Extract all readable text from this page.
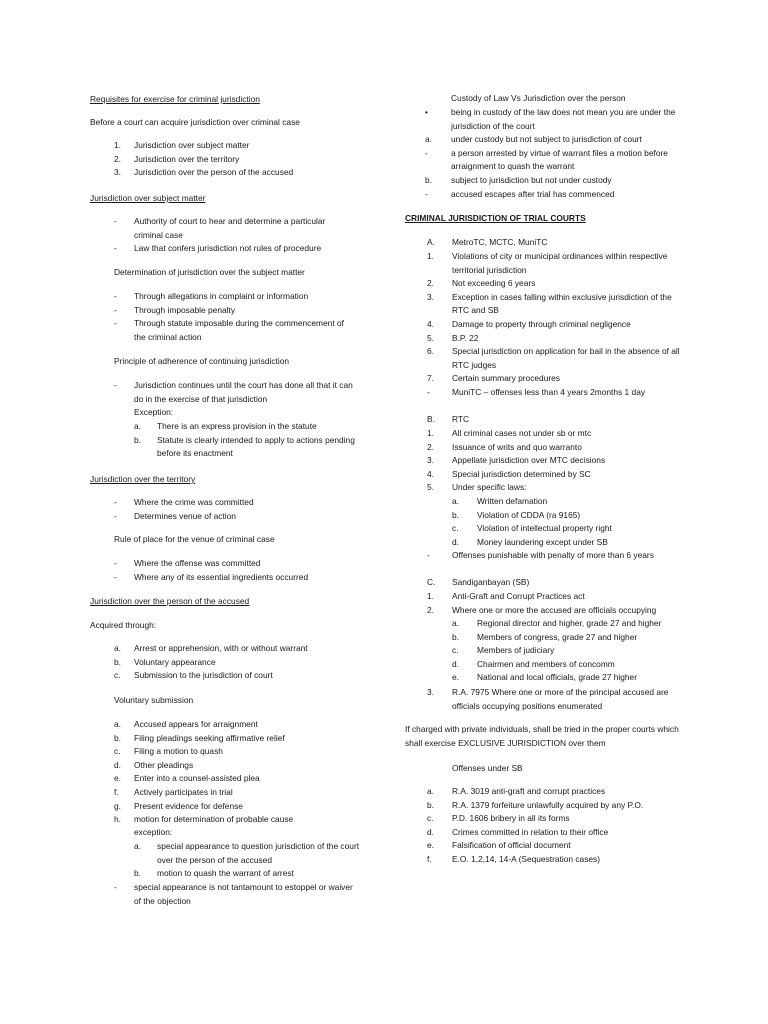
Requisites for exercise for criminal jurisdiction
Before a court can acquire jurisdiction over criminal case
1. Jurisdiction over subject matter
2. Jurisdiction over the territory
3. Jurisdiction over the person of the accused
Jurisdiction over subject matter
- Authority of court to hear and determine a particular criminal case
- Law that confers jurisdiction not rules of procedure
Determination of jurisdiction over the subject matter
- Through allegations in complaint or information
- Through imposable penalty
- Through statute imposable during the commencement of the criminal action
Principle of adherence of continuing jurisdiction
- Jurisdiction continues until the court has done all that it can do in the exercise of that jurisdiction
Exception:
a. There is an express provision in the statute
b. Statute is clearly intended to apply to actions pending before its enactment
Jurisdiction over the territory
- Where the crime was committed
- Determines venue of action
Rule of place for the venue of criminal case
- Where the offense was committed
- Where any of its essential ingredients occurred
Jurisdiction over the person of the accused
Acquired through:
a. Arrest or apprehension, with or without warrant
b. Voluntary appearance
c. Submission to the jurisdiction of court
Voluntary submission
a. Accused appears for arraignment
b. Filing pleadings seeking affirmative relief
c. Filing a motion to quash
d. Other pleadings
e. Enter into a counsel-assisted plea
f. Actively participates in trial
g. Present evidence for defense
h. motion for determination of probable cause
exception:
a. special appearance to question jurisdiction of the court over the person of the accused
b. motion to quash the warrant of arrest
- special appearance is not tantamount to estoppel or waiver of the objection
Custody of Law Vs Jurisdiction over the person
•	being in custody of the law does not mean you are under the jurisdiction of the court
a. under custody but not subject to jurisdiction of court
-	a person arrested by virtue of warrant files a motion before arraignment to quash the warrant
b. subject to jurisdiction but not under custody
-	accused escapes after trial has commenced
CRIMINAL JURISDICTION OF TRIAL COURTS
A. MetroTC, MCTC, MuniTC
1. Violations of city or municipal ordinances within respective territorial jurisdiction
2. Not exceeding 6 years
3. Exception in cases falling within exclusive jurisdiction of the RTC and SB
4. Damage to property through criminal negligence
5. B.P. 22
6. Special jurisdiction on application for bail in the absence of all RTC judges
7. Certain summary procedures
-	MuniTC – offenses less than 4 years 2months 1 day
B. RTC
1. All criminal cases not under sb or mtc
2. Issuance of writs and quo warranto
3. Appellate jurisdiction over MTC decisions
4. Special jurisdiction determined by SC
5. Under specific laws:
a. Written defamation
b. Violation of CDDA (ra 9165)
c. Violation of intellectual property right
d. Money laundering except under SB
-	Offenses punishable with penalty of more than 6 years
C. Sandiganbayan (SB)
1. Anti-Graft and Corrupt Practices act
2. Where one or more the accused are officials occupying
a. Regional director and higher, grade 27 and higher
b. Members of congress, grade 27 and higher
c. Members of judiciary
d. Chairmen and members of concomm
e. National and local officials, grade 27 higher
3. R.A. 7975 Where one or more of the principal accused are officials occupying positions enumerated
If charged with private individuals, shall be tried in the proper courts which shall exercise EXCLUSIVE JURISDICTION over them
Offenses under SB
a. R.A. 3019 anti-graft and corrupt practices
b. R.A. 1379 forfeiture unlawfully acquired by any P.O.
c. P.D. 1606 bribery in all its forms
d. Crimes committed in relation to their office
e. Falsification of official document
f. E.O. 1,2,14, 14-A (Sequestration cases)
